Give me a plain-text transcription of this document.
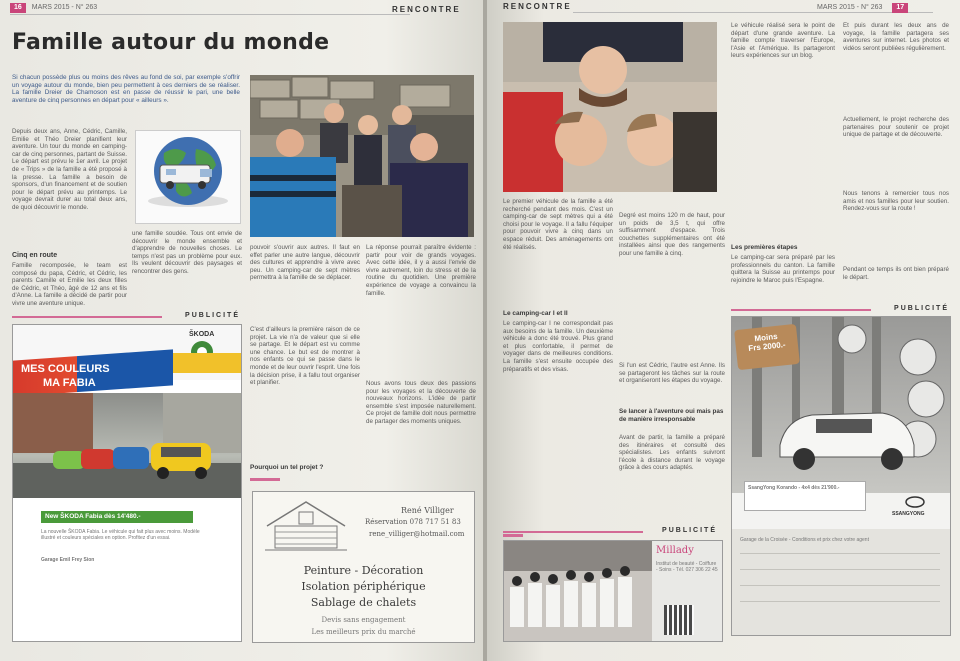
16 MARS 2015 - N° 263	RENCONTRE
Famille autour du monde
Si chacun possède plus ou moins des rêves au fond de soi, par exemple s'offrir un voyage autour du monde, bien peu permettent à ces derniers de se réaliser. La famille Dreier de Chamoson est en passe de réussir le pari, une belle aventure de cinq personnes en départ pour « ailleurs ».
Depuis deux ans, Anne, Cédric, Camille, Emilie et Théo Dreier planifient leur aventure. Un tour du monde en camping-car de cinq personnes, partant de Suisse. Le départ est prévu le 1er avril. Le projet de « Trips » de la famille a été proposé à la presse. La famille a besoin de sponsors, d'un financement et de soutien pour le départ prévu au printemps. Le voyage devrait durer au total deux ans, de quoi découvrir le monde.
Cinq en route
Famille recomposée, le team est composé du papa, Cédric, et Cédric, les parents Camille et Emilie les deux filles de Cédric, et Théo, âgé de 12 ans et fils d'Anne. La famille a décidé de partir pour vivre une aventure unique.
une famille soudée. Tous ont envie de découvrir le monde ensemble et d'apprendre de nouvelles choses. Le temps n'est pas un problème pour eux. Ils veulent découvrir des paysages et rencontrer des gens.
pouvoir s'ouvrir aux autres. Il faut en effet parler une autre langue, découvrir des cultures et apprendre à vivre avec peu. Un camping-car de sept mètres permettra à la famille de se déplacer.
C'est d'ailleurs la première raison de ce projet. La vie n'a de valeur que si elle se partage. Et le départ est vu comme une chance. Le but est de montrer à nos enfants ce qui se passe dans le monde et de leur ouvrir l'esprit. Une fois la décision prise, il a fallu tout organiser et planifier.
Pourquoi un tel projet ?
La réponse pourrait paraître évidente : partir pour voir de grands voyages. Avec cette idée, il y a aussi l'envie de vivre autrement, loin du stress et de la routine du quotidien. Une première expérience de voyage a convaincu la famille.
Nous avons tous deux des passions pour les voyages et la découverte de nouveaux horizons. L'idée de partir ensemble s'est imposée naturellement. Ce projet de famille doit nous permettre de partager des moments uniques.
PUBLICITÉ
ŠKODA
MES COULEURS
MA FABIA
New ŠKODA Fabia dès 14'480.-
La nouvelle ŠKODA Fabia. Le véhicule qui fait plus avec moins. Modèle illustré et couleurs spéciales en option. Profitez d'un essai.
Garage Emil Frey Sion
René Villiger
Réservation 078 717 51 83
rene_villiger@hotmail.com
Peinture - Décoration
Isolation périphérique
Sablage de chalets
Devis sans engagement
Les meilleurs prix du marché
RENCONTRE	MARS 2015 - N° 263 17
Le premier véhicule de la famille a été recherché pendant des mois. C'est un camping-car de sept mètres qui a été choisi pour le voyage. Il a fallu l'équiper pour pouvoir vivre à cinq dans un espace réduit. Des aménagements ont été réalisés.
Le camping-car I et II
Le camping-car I ne correspondait pas aux besoins de la famille. Un deuxième véhicule a donc été trouvé. Plus grand et plus confortable, il permet de voyager dans de meilleures conditions. La famille s'est ensuite occupée des préparatifs et des visas.
Degré est moins 120 m de haut, pour un poids de 3,5 t, qui offre suffisamment d'espace. Trois couchettes supplémentaires ont été installées ainsi que des rangements pour une famille à cinq.
Si l'un est Cédric, l'autre est Anne. Ils se partageront les tâches sur la route et organiseront les étapes du voyage.
Se lancer à l'aventure oui mais pas de manière irresponsable
Avant de partir, la famille a préparé des itinéraires et consulté des spécialistes. Les enfants suivront l'école à distance durant le voyage grâce à des cours adaptés.
Le véhicule réalisé sera le point de départ d'une grande aventure. La famille compte traverser l'Europe, l'Asie et l'Amérique. Ils partageront leurs expériences sur un blog.
Les premières étapes
Le camping-car sera préparé par les professionnels du canton. La famille quittera la Suisse au printemps pour rejoindre le Maroc puis l'Espagne.
Et puis durant les deux ans de voyage, la famille partagera ses aventures sur internet. Les photos et vidéos seront publiées régulièrement.
Actuellement, le projet recherche des partenaires pour soutenir ce projet unique de partage et de découverte.
Nous tenons à remercier tous nos amis et nos familles pour leur soutien. Rendez-vous sur la route !
Pendant ce temps ils ont bien préparé le départ.
PUBLICITÉ
Moins
Frs 2000.-
SsangYong Korando - 4x4 dès 21'900.-
SSANGYONG
Garage de la Croisée - Conditions et prix chez votre agent
PUBLICITÉ
Millady
Institut de beauté - Coiffure - Soins - Tél. 027 306 22 45
